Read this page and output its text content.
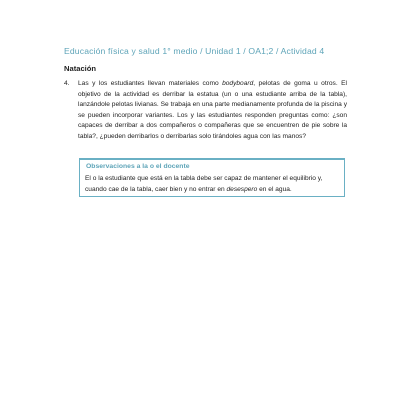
Educación física y salud 1° medio / Unidad 1 / OA1;2 / Actividad 4
Natación
4. Las y los estudiantes llevan materiales como bodyboard, pelotas de goma u otros. El objetivo de la actividad es derribar la estatua (un o una estudiante arriba de la tabla), lanzándole pelotas livianas. Se trabaja en una parte medianamente profunda de la piscina y se pueden incorporar variantes. Los y las estudiantes responden preguntas como: ¿son capaces de derribar a dos compañeros o compañeras que se encuentren de pie sobre la tabla?, ¿pueden derribarlos o derribarlas solo tirándoles agua con las manos?
Observaciones a la o el docente
El o la estudiante que está en la tabla debe ser capaz de mantener el equilibrio y, cuando cae de la tabla, caer bien y no entrar en desespero en el agua.
